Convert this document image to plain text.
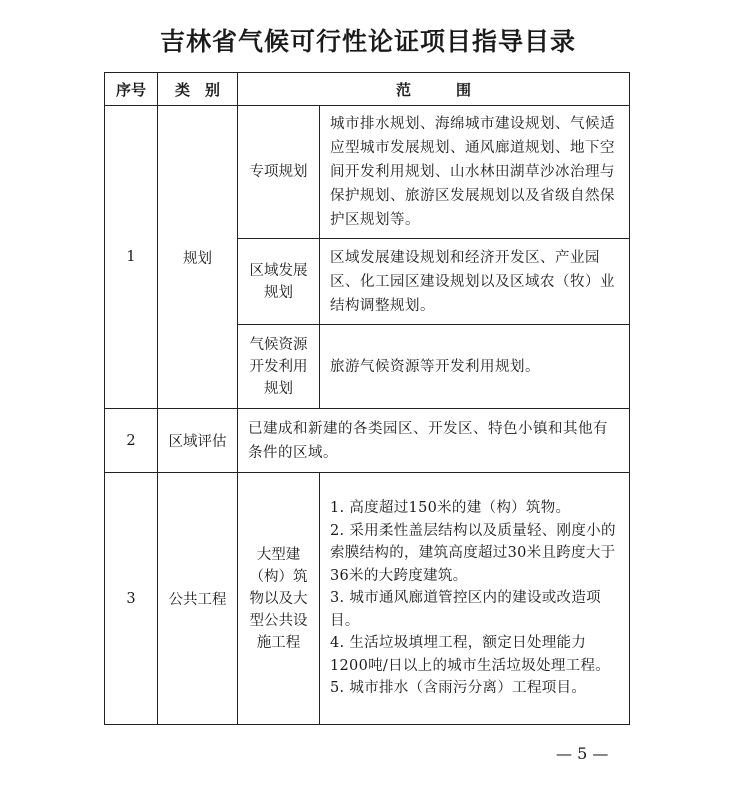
吉林省气候可行性论证项目指导目录
序号	类　别	范　　　围	
1	规划	专项规划	城市排水规划、海绵城市建设规划、气候适应型城市发展规划、通风廊道规划、地下空间开发利用规划、山水林田湖草沙冰治理与保护规划、旅游区发展规划以及省级自然保护区规划等。
		区域发展规划	区域发展建设规划和经济开发区、产业园区、化工园区建设规划以及区域农（牧）业结构调整规划。
		气候资源开发利用规划	旅游气候资源等开发利用规划。
2	区域评估	已建成和新建的各类园区、开发区、特色小镇和其他有条件的区域。	
3	公共工程	大型建（构）筑物以及大型公共设施工程	1. 高度超过150米的建（构）筑物。
2. 采用柔性盖层结构以及质量轻、刚度小的索膜结构的，建筑高度超过30米且跨度大于36米的大跨度建筑。
3. 城市通风廊道管控区内的建设或改造项目。
4. 生活垃圾填埋工程，额定日处理能力1200吨/日以上的城市生活垃圾处理工程。
5. 城市排水（含雨污分离）工程项目。
— 5 —
